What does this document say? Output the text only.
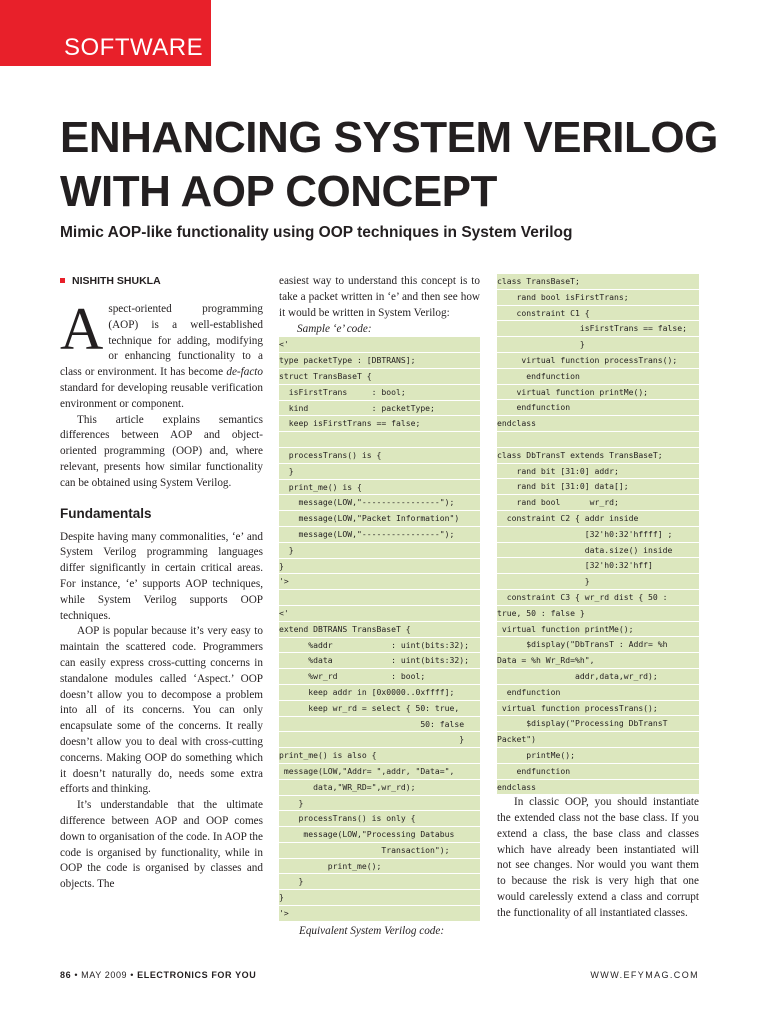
SOFTWARE
ENHANCING SYSTEM VERILOG
WITH AOP CONCEPT
Mimic AOP-like functionality using OOP techniques in System Verilog
NISHITH SHUKLA

Aspect-oriented programming (AOP) is a well-established technique for adding, modifying or enhancing functionality to a class or environment. It has become de-facto standard for developing reusable verification environment or component.

This article explains semantics differences between AOP and object-oriented programming (OOP) and, where relevant, presents how similar functionality can be obtained using System Verilog.

Fundamentals

Despite having many commonalities, ‘e’ and System Verilog programming languages differ significantly in certain critical areas. For instance, ‘e’ supports AOP techniques, while System Verilog supports OOP techniques.

AOP is popular because it’s very easy to maintain the scattered code. Programmers can easily express cross-cutting concerns in standalone modules called ‘Aspect.’ OOP doesn’t allow you to decompose a problem into all of its concerns. You can only encapsulate some of the concerns. It really doesn’t allow you to deal with cross-cutting concerns. Making OOP do something which it doesn’t naturally do, needs some extra efforts and thinking.

It’s understandable that the ultimate difference between AOP and OOP comes down to organisation of the code. In AOP the code is organised by functionality, while in OOP the code is organised by classes and objects. The

easiest way to understand this concept is to take a packet written in ‘e’ and then see how it would be written in System Verilog:

Sample ‘e’ code:
<'
type packetType : [DBTRANS];
struct TransBaseT {
isFirstTrans     : bool;
kind             : packetType;
keep isFirstTrans == false;
processTrans() is {
}
print_me() is {
message(LOW,"----------------");
message(LOW,"Packet Information")
message(LOW,"----------------");
}
}
'>
<'
extend DBTRANS TransBaseT {
%addr            : uint(bits:32);
%data            : uint(bits:32);
%wr_rd           : bool;
keep addr in [0x0000..0xffff];
keep wr_rd = select { 50: true,
50: false
}
print_me() is also {
message(LOW,"Addr= ",addr, "Data=",
data,"WR_RD=",wr_rd);
}
processTrans() is only {
message(LOW,"Processing Databus
Transaction");
print_me();
}
}
'>
Equivalent System Verilog code:
class TransBaseT;
rand bool isFirstTrans;
constraint C1 {
isFirstTrans == false;
}
virtual function processTrans();
endfunction
virtual function printMe();
endfunction
endclass
class DbTransT extends TransBaseT;
rand bit [31:0] addr;
rand bit [31:0] data[];
rand bool      wr_rd;
constraint C2 { addr inside
[32'h0:32'hffff] ;
data.size() inside
[32'h0:32'hff]
}
constraint C3 { wr_rd dist { 50 :
true, 50 : false }
virtual function printMe();
$display("DbTransT : Addr= %h
Data = %h Wr_Rd=%h",
addr,data,wr_rd);
endfunction
virtual function processTrans();
$display("Processing DbTransT
Packet")
printMe();
endfunction
endclass

In classic OOP, you should instantiate the extended class not the base class. If you extend a class, the base class and classes which have already been instantiated will not see changes. Nor would you want them to because the risk is very high that one would carelessly extend a class and corrupt the functionality of all instantiated classes.

86 • MAY 2009 • ELECTRONICS FOR YOU	WWW.EFYMAG.COM
